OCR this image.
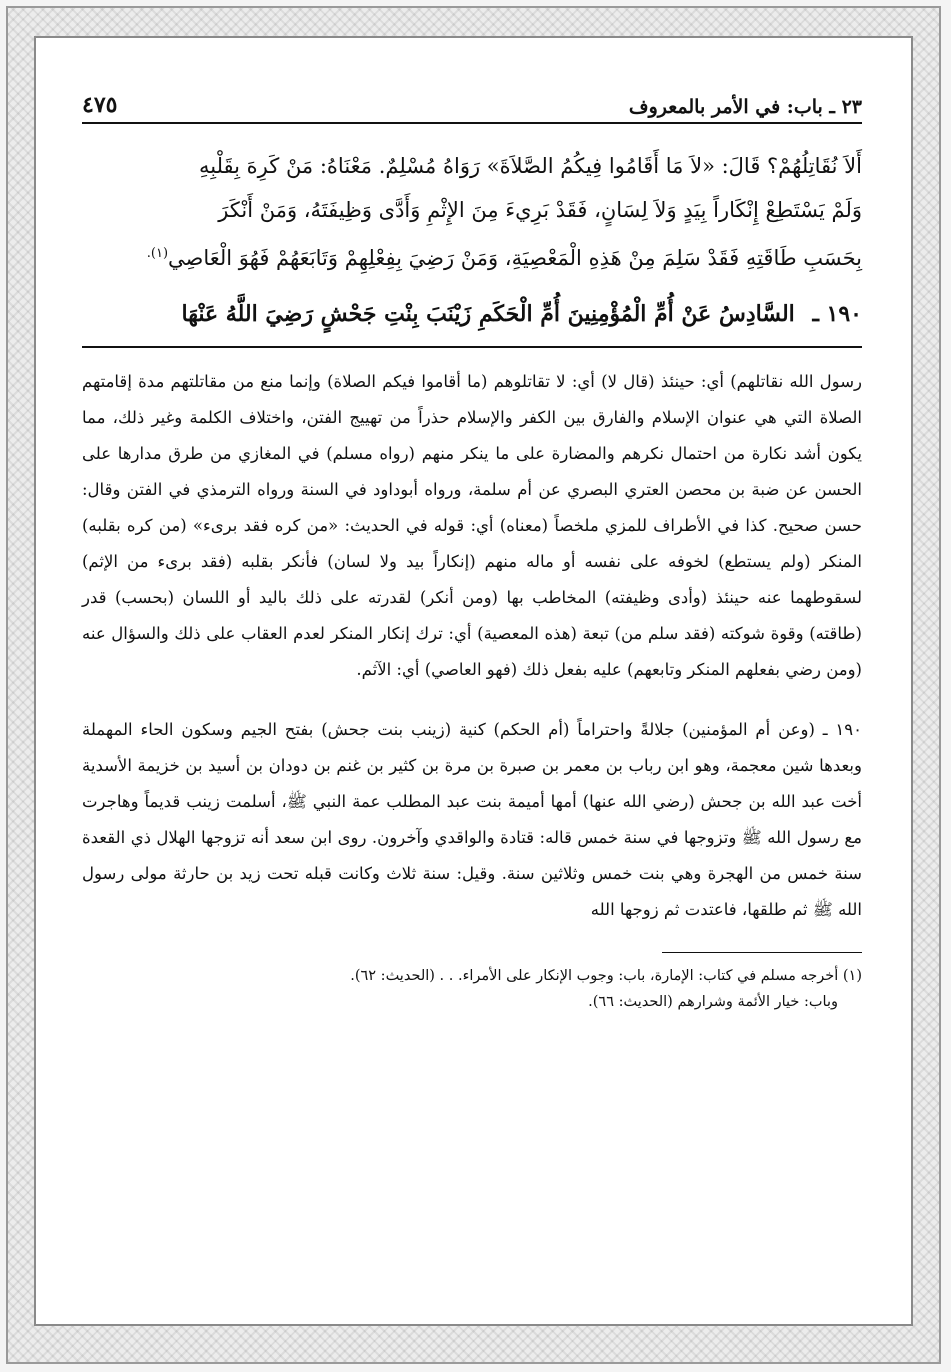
٢٣ ـ باب: في الأمر بالمعروف
٤٧٥

أَلاَ نُقَاتِلُهُمْ؟ قَالَ: «لاَ مَا أَقَامُوا فِيكُمُ الصَّلاَةَ» رَوَاهُ مُسْلِمٌ. مَعْنَاهُ: مَنْ كَرِهَ بِقَلْبِهِ

وَلَمْ يَسْتَطِعْ إِنْكَاراً بِيَدٍ وَلاَ لِسَانٍ، فَقَدْ بَرِيءَ مِنَ الإِثْمِ وَأَدَّى وَظِيفَتَهُ، وَمَنْ أَنْكَرَ

بِحَسَبِ طَاقَتِهِ فَقَدْ سَلِمَ مِنْ هَذِهِ الْمَعْصِيَةِ، وَمَنْ رَضِيَ بِفِعْلِهِمْ وَتَابَعَهُمْ فَهُوَ الْعَاصِي$^{(١).}$

١٩٠ ـ السَّادِسُ عَنْ أُمِّ الْمُؤْمِنِينَ أُمِّ الْحَكَمِ زَيْنَبَ بِنْتِ جَحْشٍ رَضِيَ اللَّهُ عَنْهَا

رسول الله نقاتلهم) أي: حينئذ (قال لا) أي: لا تقاتلوهم (ما أقاموا فيكم الصلاة) وإنما منع من مقاتلتهم مدة إقامتهم الصلاة التي هي عنوان الإسلام والفارق بين الكفر والإسلام حذراً من تهييج الفتن، واختلاف الكلمة وغير ذلك، مما يكون أشد نكارة من احتمال نكرهم والمضارة على ما ينكر منهم (رواه مسلم) في المغازي من طرق مدارها على الحسن عن ضبة بن محصن العتري البصري عن أم سلمة، ورواه أبوداود في السنة ورواه الترمذي في الفتن وقال: حسن صحيح. كذا في الأطراف للمزي ملخصاً (معناه) أي: قوله في الحديث: «من كره فقد برىء» (من كره بقلبه) المنكر (ولم يستطع) لخوفه على نفسه أو ماله منهم (إنكاراً بيد ولا لسان) فأنكر بقلبه (فقد برىء من الإثم) لسقوطهما عنه حينئذ (وأدى وظيفته) المخاطب بها (ومن أنكر) لقدرته على ذلك باليد أو اللسان (بحسب) قدر (طاقته) وقوة شوكته (فقد سلم من) تبعة (هذه المعصية) أي: ترك إنكار المنكر لعدم العقاب على ذلك والسؤال عنه (ومن رضي بفعلهم المنكر وتابعهم) عليه بفعل ذلك (فهو العاصي) أي: الآثم.

١٩٠ ـ (وعن أم المؤمنين) جلالةً واحتراماً (أم الحكم) كنية (زينب بنت جحش) بفتح الجيم وسكون الحاء المهملة وبعدها شين معجمة، وهو ابن رباب بن معمر بن صبرة بن مرة بن كثير بن غنم بن دودان بن أسيد بن خزيمة الأسدية أخت عبد الله بن جحش (رضي الله عنها) أمها أميمة بنت عبد المطلب عمة النبي ﷺ، أسلمت زينب قديماً وهاجرت مع رسول الله ﷺ وتزوجها في سنة خمس قاله: قتادة والواقدي وآخرون. روى ابن سعد أنه تزوجها الهلال ذي القعدة سنة خمس من الهجرة وهي بنت خمس وثلاثين سنة. وقيل: سنة ثلاث وكانت قبله تحت زيد بن حارثة مولى رسول الله ﷺ ثم طلقها، فاعتدت ثم زوجها الله

(١) أخرجه مسلم في كتاب: الإمارة، باب: وجوب الإنكار على الأمراء. . . (الحديث: ٦٢).

وباب: خيار الأئمة وشرارهم (الحديث: ٦٦).
